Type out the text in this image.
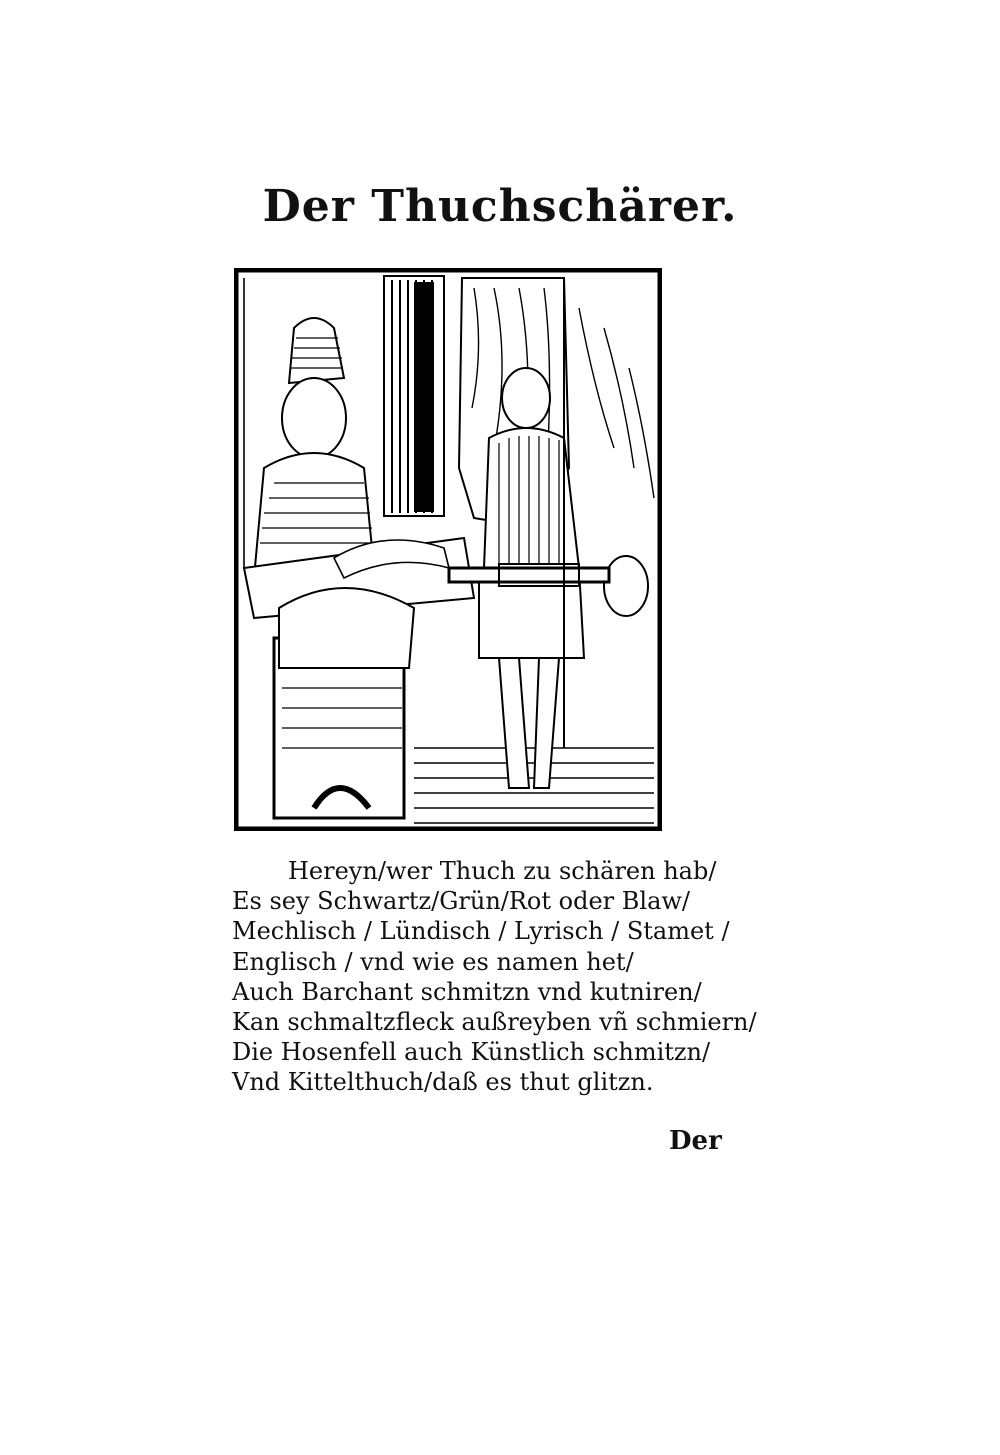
Der Thuchschärer.
Hereyn/wer Thuch zu schären hab/
Es sey Schwartz/Grün/Rot oder Blaw/
Mechlisch / Lündisch / Lyrisch / Stamet /
Englisch / vnd wie es namen het/
Auch Barchant schmitzn vnd kutniren/
Kan schmaltzfleck außreyben vñ schmiern/
Die Hosenfell auch Künstlich schmitzn/
Vnd Kittelthuch/daß es thut glitzn.
Der
